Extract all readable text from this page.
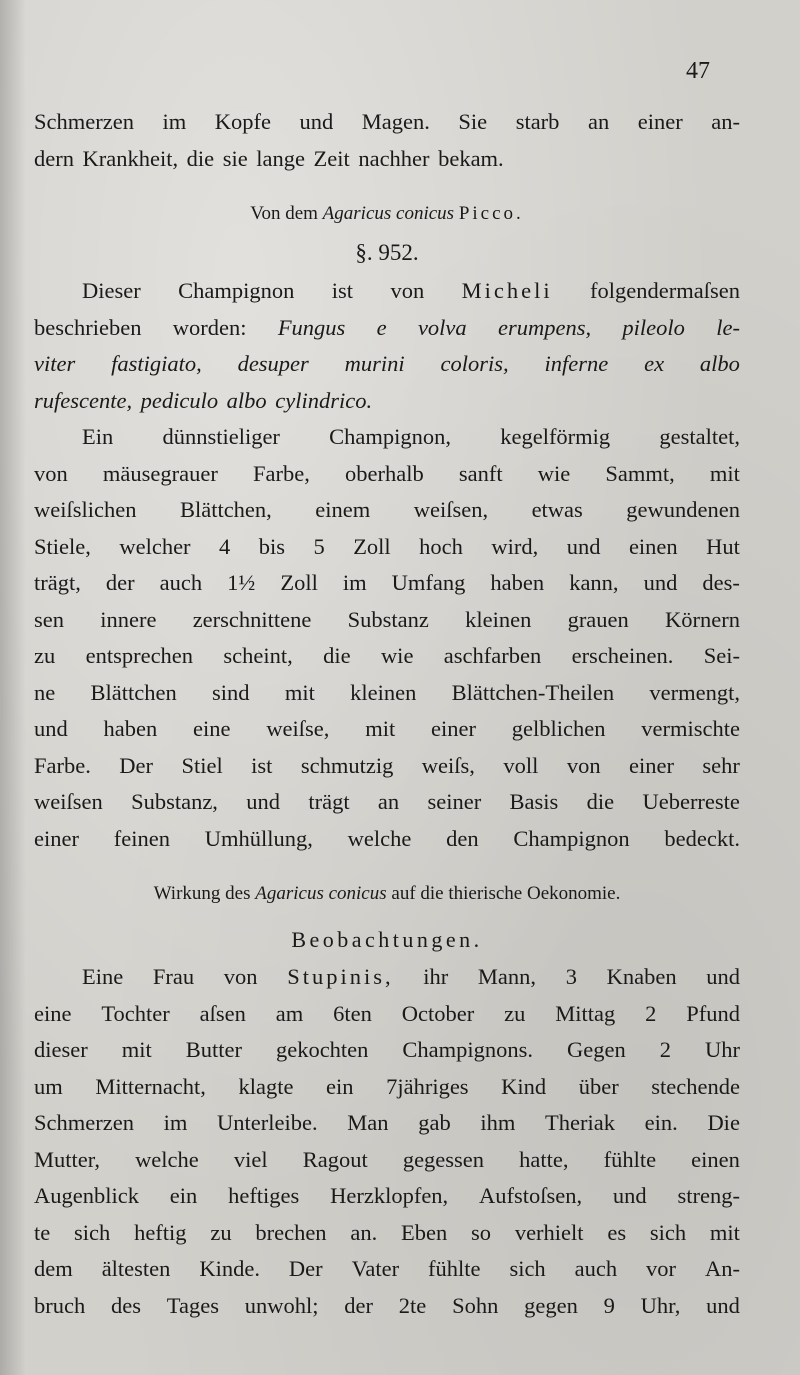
47
Schmerzen im Kopfe und Magen. Sie starb an einer an-
dern Krankheit, die sie lange Zeit nachher bekam.
Von dem Agaricus conicus Picco.
§. 952.
Dieser Champignon ist von Micheli folgendermaſsen
beschrieben worden: Fungus e volva erumpens, pileolo le-
viter fastigiato, desuper murini coloris, inferne ex albo
rufescente, pediculo albo cylindrico.
Ein dünnstieliger Champignon, kegelförmig gestaltet,
von mäusegrauer Farbe, oberhalb sanft wie Sammt, mit
weiſslichen Blättchen, einem weiſsen, etwas gewundenen
Stiele, welcher 4 bis 5 Zoll hoch wird, und einen Hut
trägt, der auch 1½ Zoll im Umfang haben kann, und des-
sen innere zerschnittene Substanz kleinen grauen Körnern
zu entsprechen scheint, die wie aschfarben erscheinen. Sei-
ne Blättchen sind mit kleinen Blättchen-Theilen vermengt,
und haben eine weiſse, mit einer gelblichen vermischte
Farbe. Der Stiel ist schmutzig weiſs, voll von einer sehr
weiſsen Substanz, und trägt an seiner Basis die Ueberreste
einer feinen Umhüllung, welche den Champignon bedeckt.
Wirkung des Agaricus conicus auf die thierische Oekonomie.
Beobachtungen.
Eine Frau von Stupinis, ihr Mann, 3 Knaben und
eine Tochter aſsen am 6ten October zu Mittag 2 Pfund
dieser mit Butter gekochten Champignons. Gegen 2 Uhr
um Mitternacht, klagte ein 7jähriges Kind über stechende
Schmerzen im Unterleibe. Man gab ihm Theriak ein. Die
Mutter, welche viel Ragout gegessen hatte, fühlte einen
Augenblick ein heftiges Herzklopfen, Aufstoſsen, und streng-
te sich heftig zu brechen an. Eben so verhielt es sich mit
dem ältesten Kinde. Der Vater fühlte sich auch vor An-
bruch des Tages unwohl; der 2te Sohn gegen 9 Uhr, und
